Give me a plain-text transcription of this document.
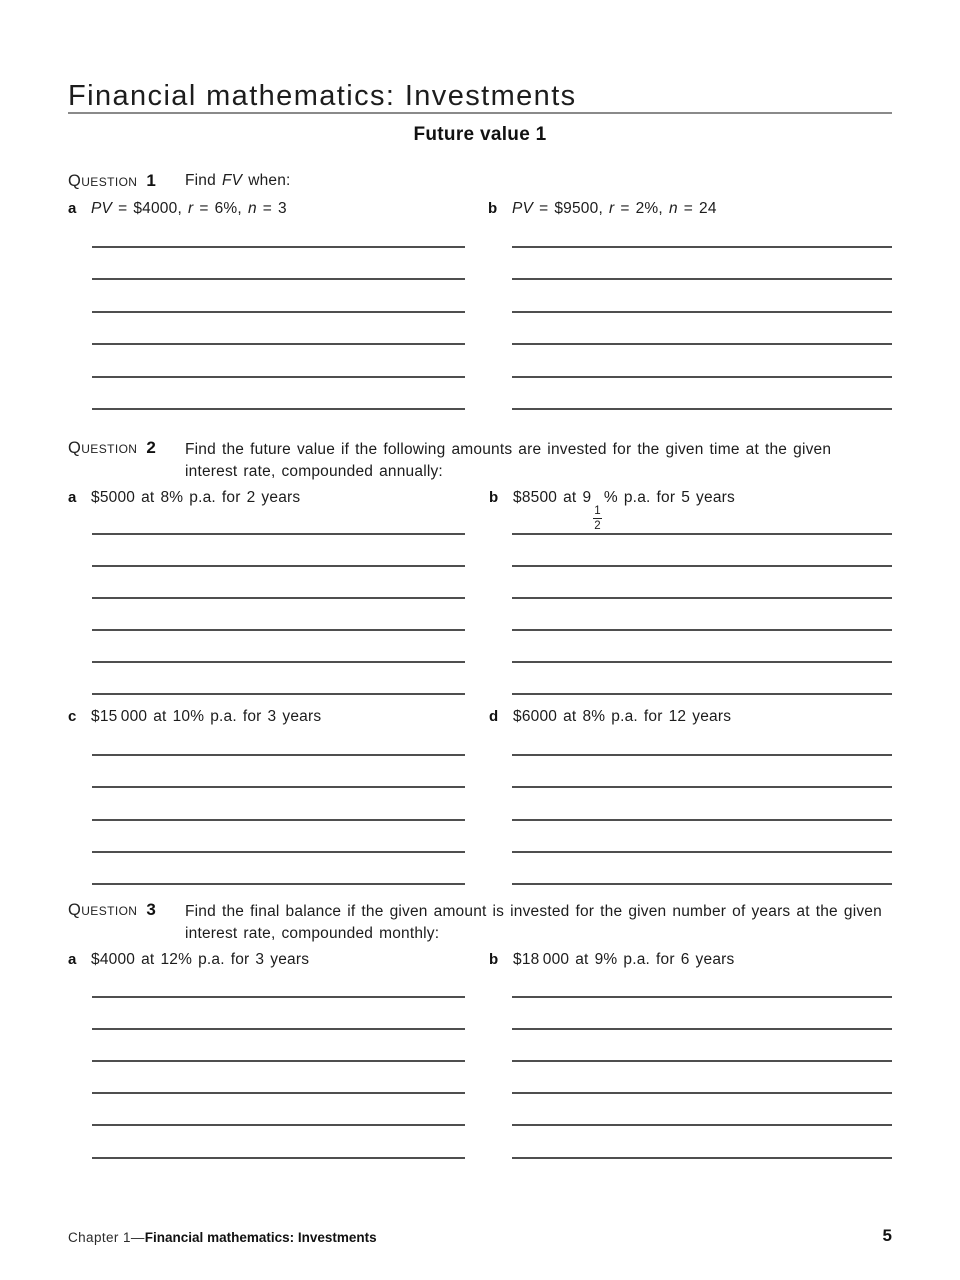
Financial mathematics: Investments
Future value 1
Question 1 Find FV when:
a PV = $4000, r = 6%, n = 3	b PV = $9500, r = 2%, n = 24
Question 2 Find the future value if the following amounts are invested for the given time at the given
interest rate, compounded annually:
a $5000 at 8% p.a. for 2 years	b $8500 at 9
$\frac{1}{2}$
% p.a. for 5 years
c $15 000 at 10% p.a. for 3 years	d $6000 at 8% p.a. for 12 years
Question 3 Find the final balance if the given amount is invested for the given number of years at the given
interest rate, compounded monthly:
a $4000 at 12% p.a. for 3 years	b $18 000 at 9% p.a. for 6 years
Chapter 1—Financial mathematics: Investments	5
